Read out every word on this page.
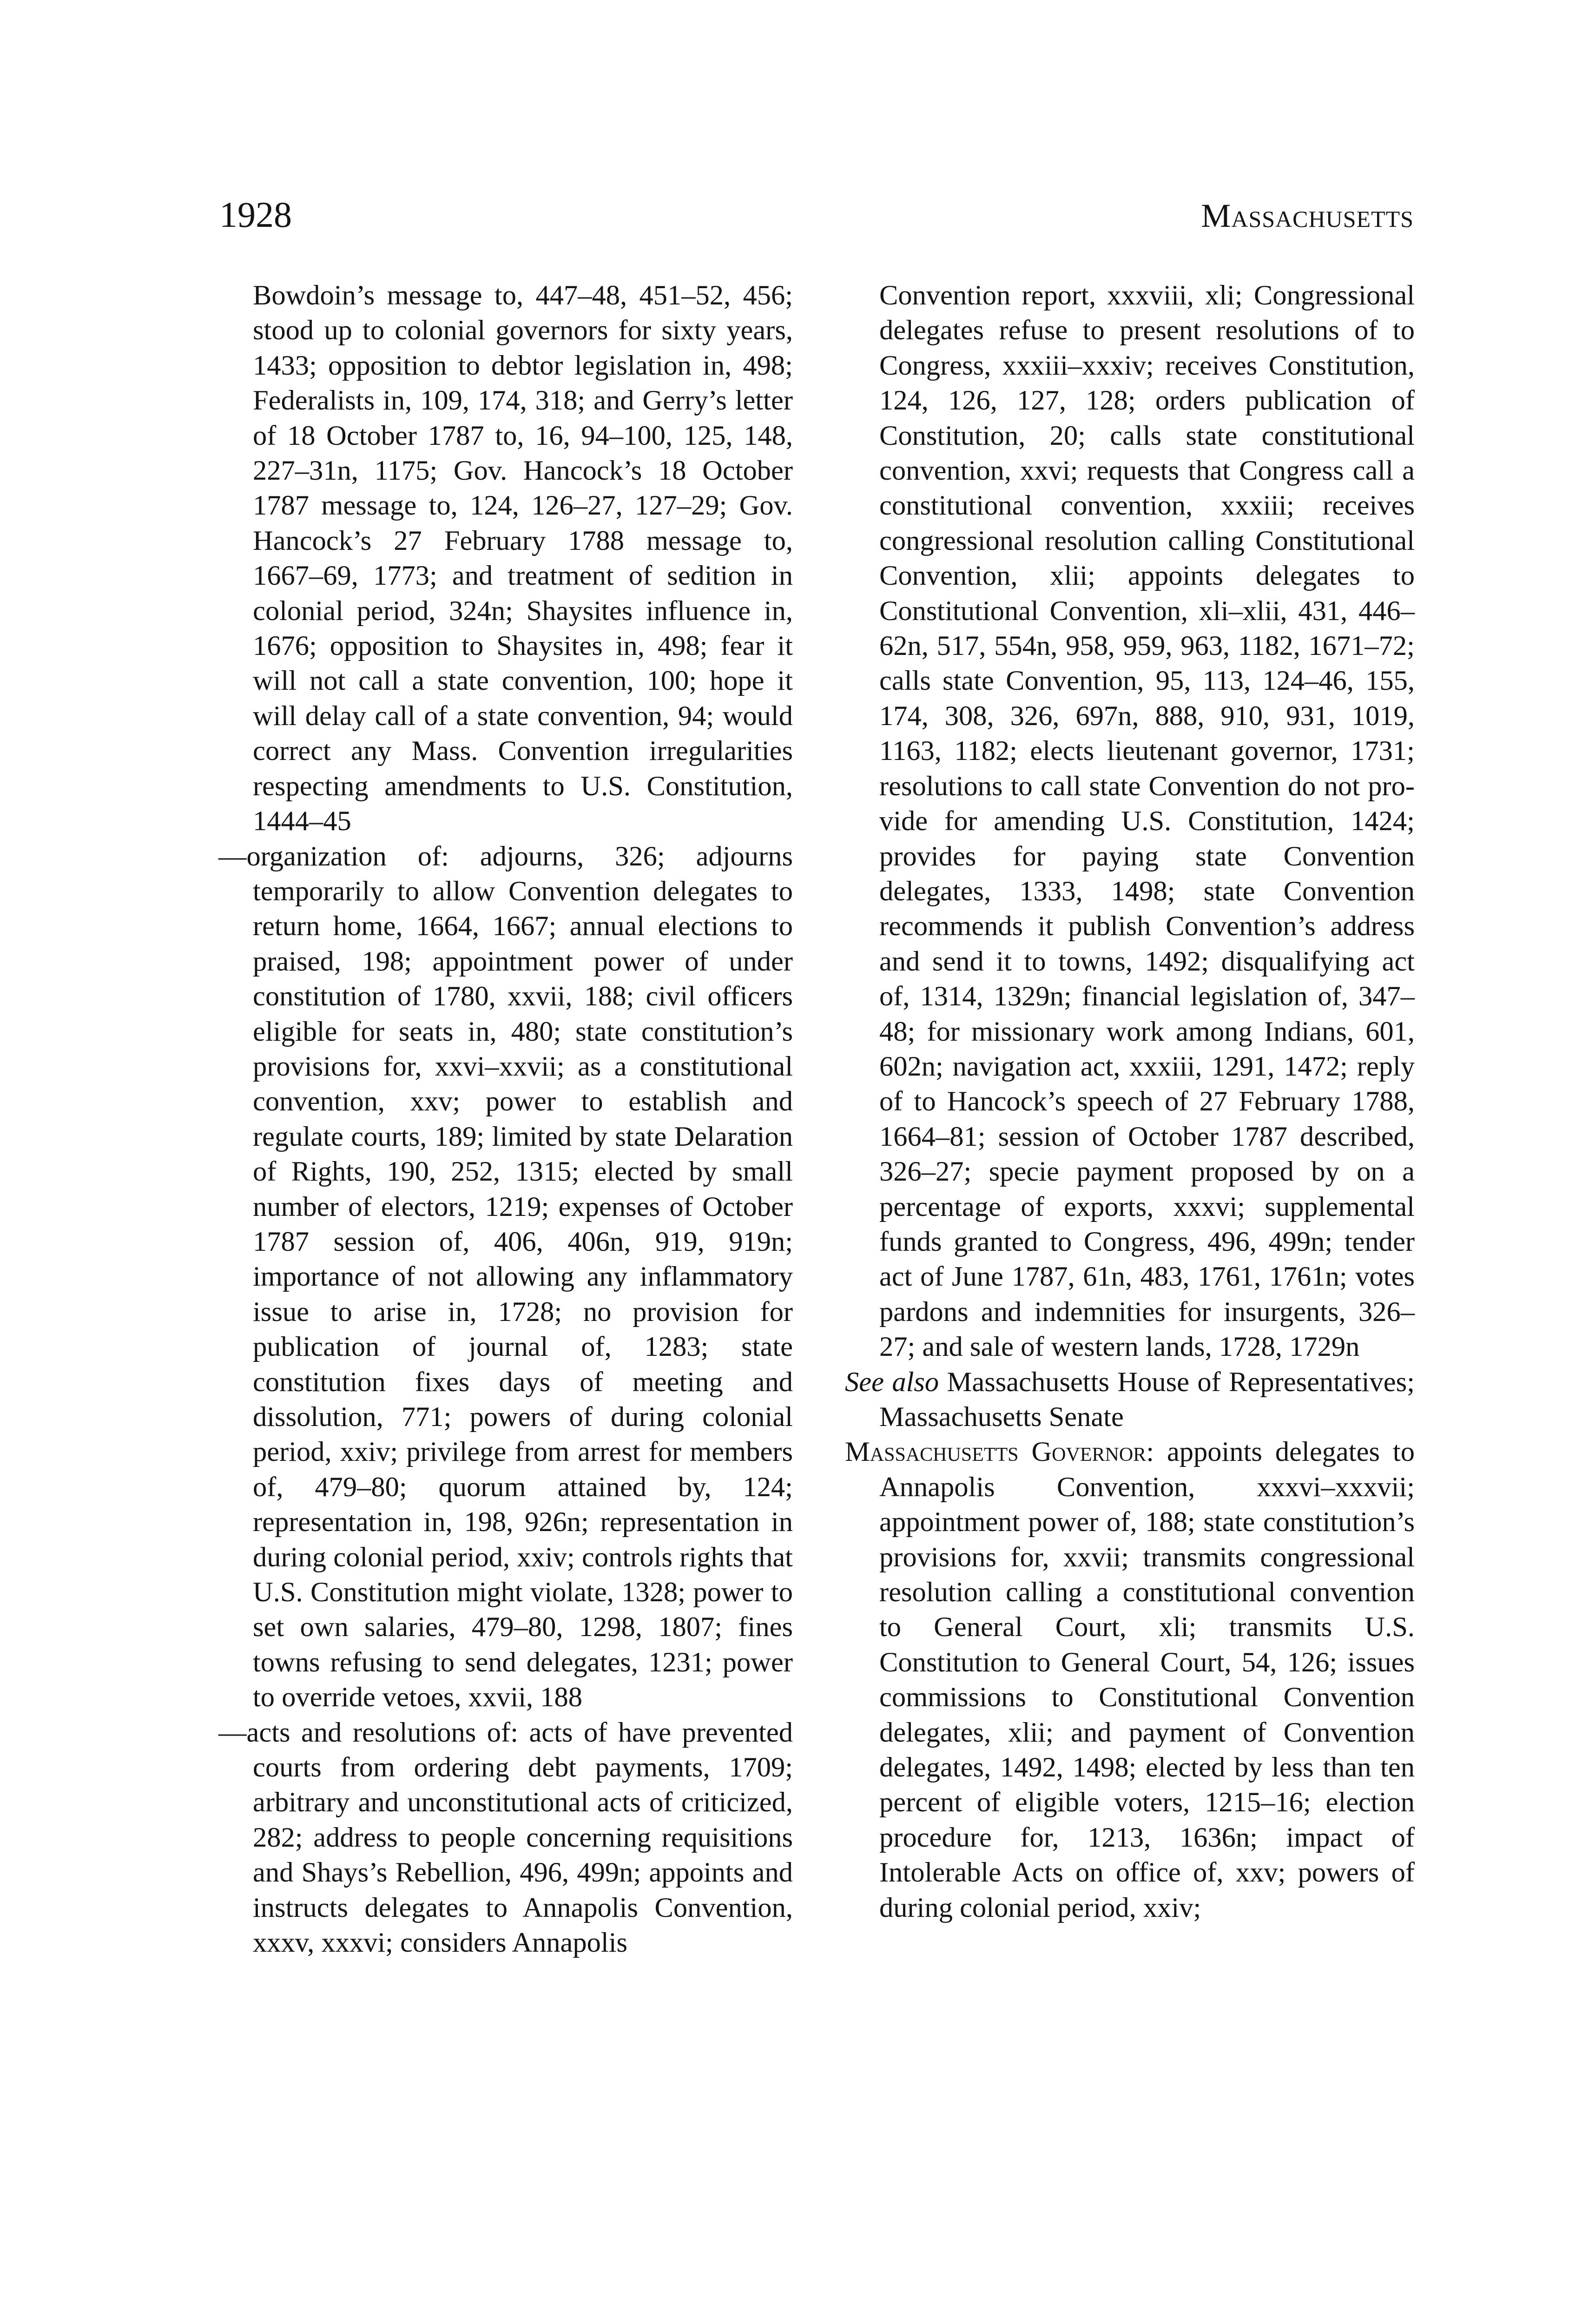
1928	Massachusetts

Bowdoin’s message to, 447–48, 451–52, 456; stood up to colonial governors for sixty years, 1433; opposition to debtor legislation in, 498; Federalists in, 109, 174, 318; and Gerry’s letter of 18 October 1787 to, 16, 94–100, 125, 148, 227–31n, 1175; Gov. Hancock’s 18 October 1787 message to, 124, 126–27, 127–29; Gov. Hancock’s 27 February 1788 message to, 1667–69, 1773; and treatment of sedition in colonial period, 324n; Shaysites influence in, 1676; opposition to Shaysites in, 498; fear it will not call a state convention, 100; hope it will delay call of a state convention, 94; would correct any Mass. Convention irregularities respecting amendments to U.S. Constitution, 1444–45

—organization of: adjourns, 326; adjourns temporarily to allow Convention delegates to return home, 1664, 1667; annual elections to praised, 198; appointment power of under constitution of 1780, xxvii, 188; civil officers eligible for seats in, 480; state constitution’s provisions for, xxvi–xxvii; as a constitutional convention, xxv; power to establish and regulate courts, 189; limited by state Delaration of Rights, 190, 252, 1315; elected by small number of electors, 1219; expenses of October 1787 session of, 406, 406n, 919, 919n; importance of not allowing any inflammatory issue to arise in, 1728; no provision for publication of journal of, 1283; state constitution fixes days of meeting and dissolution, 771; powers of during colonial period, xxiv; privilege from arrest for members of, 479–80; quorum attained by, 124; representation in, 198, 926n; representation in during colonial period, xxiv; controls rights that U.S. Constitution might violate, 1328; power to set own salaries, 479–80, 1298, 1807; fines towns refusing to send delegates, 1231; power to override vetoes, xxvii, 188

—acts and resolutions of: acts of have prevented courts from ordering debt payments, 1709; arbitrary and unconstitutional acts of criticized, 282; address to people concerning requisitions and Shays’s Rebellion, 496, 499n; appoints and instructs delegates to Annapolis Convention, xxxv, xxxvi; considers Annapolis

Convention report, xxxviii, xli; Congressional delegates refuse to present resolutions of to Congress, xxxiii–xxxiv; receives Constitution, 124, 126, 127, 128; orders publication of Constitution, 20; calls state constitutional convention, xxvi; requests that Congress call a constitutional convention, xxxiii; receives congressional resolution calling Constitutional Convention, xlii; appoints delegates to Constitutional Convention, xli–xlii, 431, 446–62n, 517, 554n, 958, 959, 963, 1182, 1671–72; calls state Convention, 95, 113, 124–46, 155, 174, 308, 326, 697n, 888, 910, 931, 1019, 1163, 1182; elects lieutenant governor, 1731; resolutions to call state Convention do not provide for amending U.S. Constitution, 1424; provides for paying state Convention delegates, 1333, 1498; state Convention recommends it publish Convention’s address and send it to towns, 1492; disqualifying act of, 1314, 1329n; financial legislation of, 347–48; for missionary work among Indians, 601, 602n; navigation act, xxxiii, 1291, 1472; reply of to Hancock’s speech of 27 February 1788, 1664–81; session of October 1787 described, 326–27; specie payment proposed by on a percentage of exports, xxxvi; supplemental funds granted to Congress, 496, 499n; tender act of June 1787, 61n, 483, 1761, 1761n; votes pardons and indemnities for insurgents, 326–27; and sale of western lands, 1728, 1729n

See also Massachusetts House of Representatives; Massachusetts Senate

Massachusetts Governor: appoints delegates to Annapolis Convention, xxxvi–xxxvii; appointment power of, 188; state constitution’s provisions for, xxvii; transmits congressional resolution calling a constitutional convention to General Court, xli; transmits U.S. Constitution to General Court, 54, 126; issues commissions to Constitutional Convention delegates, xlii; and payment of Convention delegates, 1492, 1498; elected by less than ten percent of eligible voters, 1215–16; election procedure for, 1213, 1636n; impact of Intolerable Acts on office of, xxv; powers of during colonial period, xxiv;
